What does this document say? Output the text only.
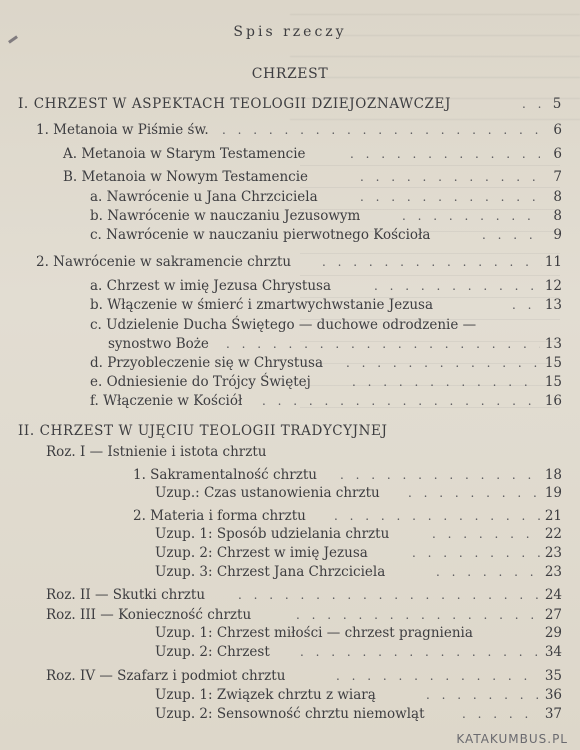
Spis rzeczy
CHRZEST
I. CHRZEST W ASPEKTACH TEOLOGII DZIEJOZNAWCZEJ . . .	5
1. Metanoia w Piśmie św. . . .	6
A. Metanoia w Starym Testamencie . . .	6
B. Metanoia w Nowym Testamencie . . .	7
a. Nawrócenie u Jana Chrzciciela . . .	8
b. Nawrócenie w nauczaniu Jezusowym . . .	8
c. Nawrócenie w nauczaniu pierwotnego Kościoła . . .	9
2. Nawrócenie w sakramencie chrztu . . .	11
a. Chrzest w imię Jezusa Chrystusa . . .	12
b. Włączenie w śmierć i zmartwychwstanie Jezusa . . .	13
c. Udzielenie Ducha Świętego — duchowe odrodzenie —
synostwo Boże . . .	13
d. Przyobleczenie się w Chrystusa . . .	15
e. Odniesienie do Trójcy Świętej . . .	15
f. Włączenie w Kościół . . .	16
II. CHRZEST W UJĘCIU TEOLOGII TRADYCYJNEJ
Roz. I — Istnienie i istota chrztu
1. Sakramentalność chrztu . . .	18
Uzup.: Czas ustanowienia chrztu . . .	19
2. Materia i forma chrztu . . .	21
Uzup. 1: Sposób udzielania chrztu . . .	22
Uzup. 2: Chrzest w imię Jezusa . . .	23
Uzup. 3: Chrzest Jana Chrzciciela . . .	23
Roz. II — Skutki chrztu . . .	24
Roz. III — Konieczność chrztu . . .	27
Uzup. 1: Chrzest miłości — chrzest pragnienia	29
Uzup. 2: Chrzest . . .	34
Roz. IV — Szafarz i podmiot chrztu . . .	35
Uzup. 1: Związek chrztu z wiarą . . .	36
Uzup. 2: Sensowność chrztu niemowląt . . .	37
KATAKUMBUS.PL
